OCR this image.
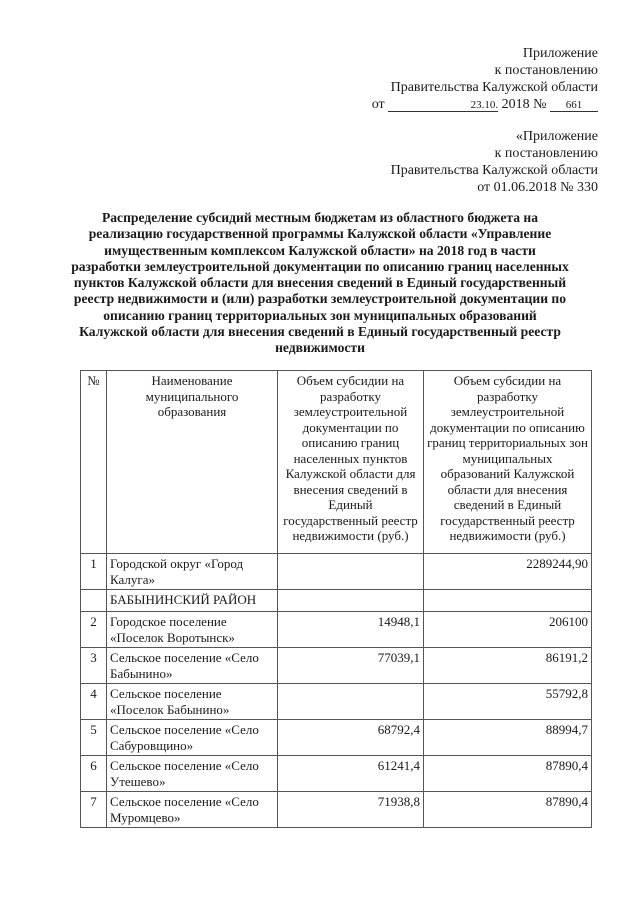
Приложение
к постановлению
Правительства Калужской области
от	23.10. 2018 № 661
«Приложение
к постановлению
Правительства Калужской области
от 01.06.2018 № 330
Распределение субсидий местным бюджетам из областного бюджета на реализацию государственной программы Калужской области «Управление имущественным комплексом Калужской области» на 2018 год в части разработки землеустроительной документации по описанию границ населенных пунктов Калужской области для внесения сведений в Единый государственный реестр недвижимости и (или) разработки землеустроительной документации по описанию границ территориальных зон муниципальных образований Калужской области для внесения сведений в Единый государственный реестр недвижимости
№	Наименование муниципального образования	Объем субсидии на разработку землеустроительной документации по описанию границ населенных пунктов Калужской области для внесения сведений в Единый государственный реестр недвижимости (руб.)	Объем субсидии на разработку землеустроительной документации по описанию границ территориальных зон муниципальных образований Калужской области для внесения сведений в Единый государственный реестр недвижимости (руб.)
1	Городской округ «Город Калуга»		2289244,90
	БАБЫНИНСКИЙ РАЙОН		
2	Городское поселение «Поселок Воротынск»	14948,1	206100
3	Сельское поселение «Село Бабынино»	77039,1	86191,2
4	Сельское поселение «Поселок Бабынино»		55792,8
5	Сельское поселение «Село Сабуровщино»	68792,4	88994,7
6	Сельское поселение «Село Утешево»	61241,4	87890,4
7	Сельское поселение «Село Муромцево»	71938,8	87890,4
